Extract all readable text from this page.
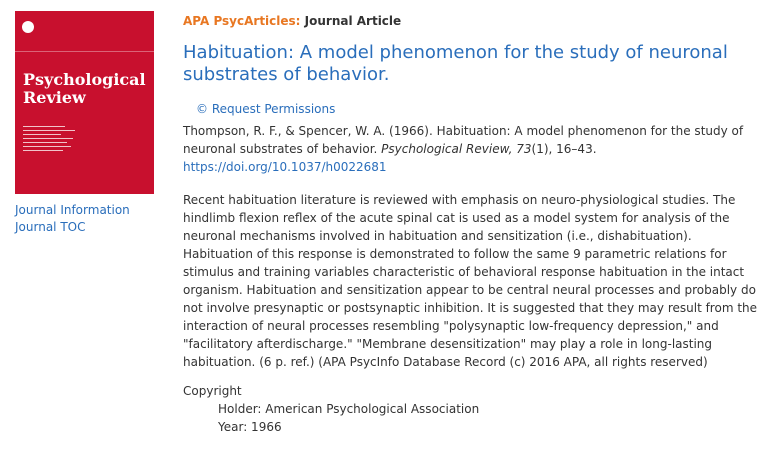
Psychological
Review
Journal Information
Journal TOC
APA PsycArticles: Journal Article
Habituation: A model phenomenon for the study of neuronal substrates of behavior.
© Request Permissions
Thompson, R. F., & Spencer, W. A. (1966). Habituation: A model phenomenon for the study of neuronal substrates of behavior. Psychological Review, 73(1), 16–43.
https://doi.org/10.1037/h0022681
Recent habituation literature is reviewed with emphasis on neuro-physiological studies. The hindlimb flexion reflex of the acute spinal cat is used as a model system for analysis of the neuronal mechanisms involved in habituation and sensitization (i.e., dishabituation). Habituation of this response is demonstrated to follow the same 9 parametric relations for stimulus and training variables characteristic of behavioral response habituation in the intact organism. Habituation and sensitization appear to be central neural processes and probably do not involve presynaptic or postsynaptic inhibition. It is suggested that they may result from the interaction of neural processes resembling "polysynaptic low-frequency depression," and "facilitatory afterdischarge." "Membrane desensitization" may play a role in long-lasting habituation. (6 p. ref.) (APA PsycInfo Database Record (c) 2016 APA, all rights reserved)
Copyright
Holder: American Psychological Association
Year: 1966
